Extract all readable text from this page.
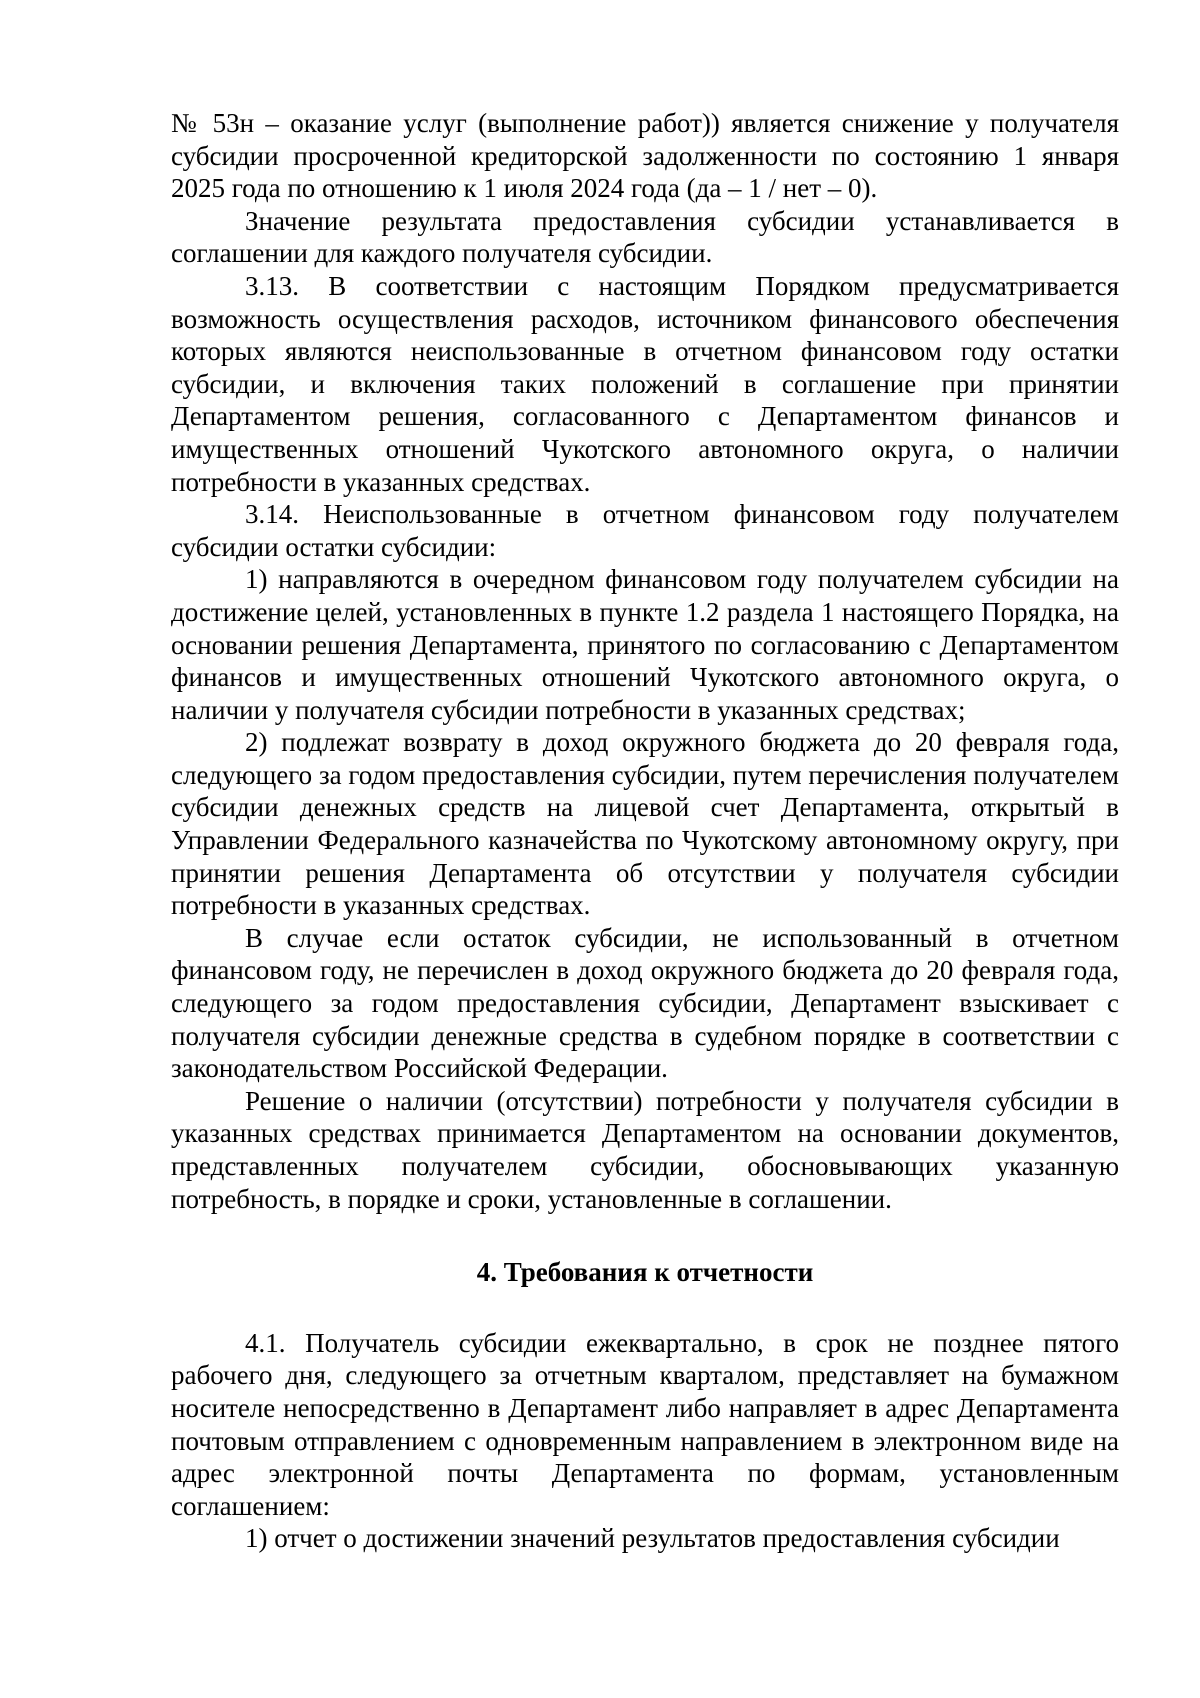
№ 53н – оказание услуг (выполнение работ)) является снижение у получателя субсидии просроченной кредиторской задолженности по состоянию 1 января 2025 года по отношению к 1 июля 2024 года (да – 1 / нет – 0).

Значение результата предоставления субсидии устанавливается в соглашении для каждого получателя субсидии.

3.13. В соответствии с настоящим Порядком предусматривается возможность осуществления расходов, источником финансового обеспечения которых являются неиспользованные в отчетном финансовом году остатки субсидии, и включения таких положений в соглашение при принятии Департаментом решения, согласованного с Департаментом финансов и имущественных отношений Чукотского автономного округа, о наличии потребности в указанных средствах.

3.14. Неиспользованные в отчетном финансовом году получателем субсидии остатки субсидии:

1) направляются в очередном финансовом году получателем субсидии на достижение целей, установленных в пункте 1.2 раздела 1 настоящего Порядка, на основании решения Департамента, принятого по согласованию с Департаментом финансов и имущественных отношений Чукотского автономного округа, о наличии у получателя субсидии потребности в указанных средствах;

2) подлежат возврату в доход окружного бюджета до 20 февраля года, следующего за годом предоставления субсидии, путем перечисления получателем субсидии денежных средств на лицевой счет Департамента, открытый в Управлении Федерального казначейства по Чукотскому автономному округу, при принятии решения Департамента об отсутствии у получателя субсидии потребности в указанных средствах.

В случае если остаток субсидии, не использованный в отчетном финансовом году, не перечислен в доход окружного бюджета до 20 февраля года, следующего за годом предоставления субсидии, Департамент взыскивает с получателя субсидии денежные средства в судебном порядке в соответствии с законодательством Российской Федерации.

Решение о наличии (отсутствии) потребности у получателя субсидии в указанных средствах принимается Департаментом на основании документов, представленных получателем субсидии, обосновывающих указанную потребность, в порядке и сроки, установленные в соглашении.

4. Требования к отчетности

4.1. Получатель субсидии ежеквартально, в срок не позднее пятого рабочего дня, следующего за отчетным кварталом, представляет на бумажном носителе непосредственно в Департамент либо направляет в адрес Департамента почтовым отправлением с одновременным направлением в электронном виде на адрес электронной почты Департамента по формам, установленным соглашением:

1) отчет о достижении значений результатов предоставления субсидии
